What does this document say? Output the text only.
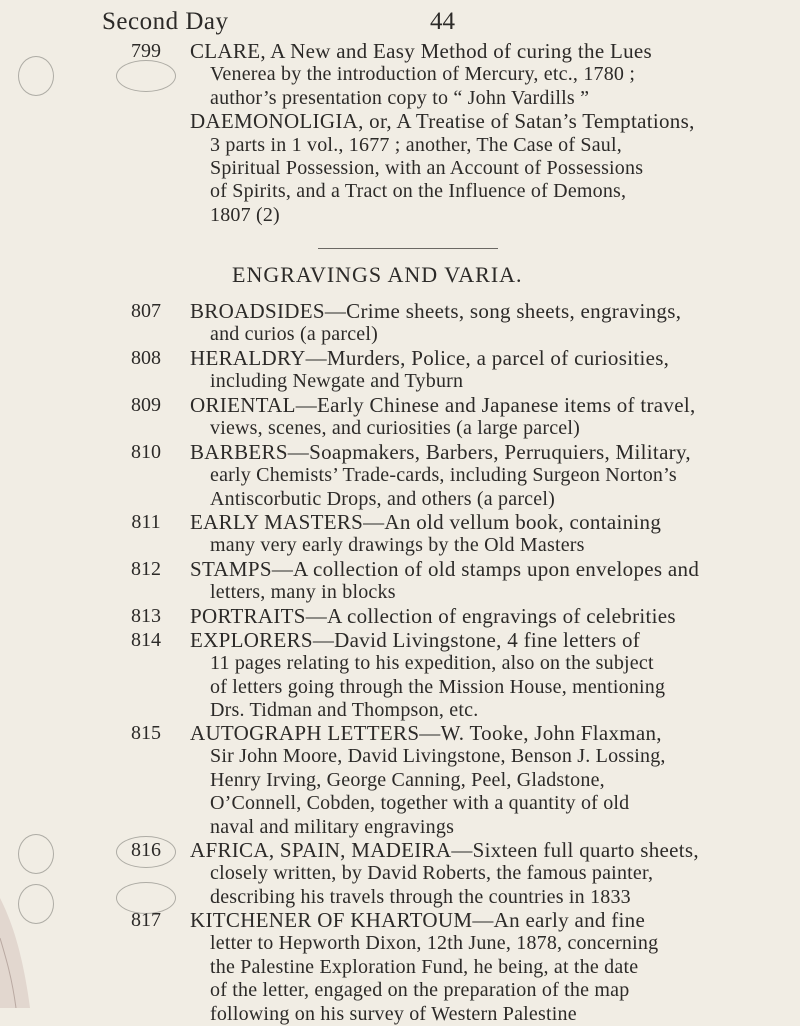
Second Day	44
799	CLARE, A New and Easy Method of curing the Lues
Venerea by the introduction of Mercury, etc., 1780 ;
author’s presentation copy to “ John Vardills ”
DAEMONOLIGIA, or, A Treatise of Satan’s Temptations,
3 parts in 1 vol., 1677 ; another, The Case of Saul,
Spiritual Possession, with an Account of Possessions
of Spirits, and a Tract on the Influence of Demons,
1807 (2)
ENGRAVINGS AND VARIA.
807	BROADSIDES—Crime sheets, song sheets, engravings,
and curios (a parcel)
808	HERALDRY—Murders, Police, a parcel of curiosities,
including Newgate and Tyburn
809	ORIENTAL—Early Chinese and Japanese items of travel,
views, scenes, and curiosities (a large parcel)
810	BARBERS—Soapmakers, Barbers, Perruquiers, Military,
early Chemists’ Trade-cards, including Surgeon Norton’s
Antiscorbutic Drops, and others (a parcel)
811	EARLY MASTERS—An old vellum book, containing
many very early drawings by the Old Masters
812	STAMPS—A collection of old stamps upon envelopes and
letters, many in blocks
813	PORTRAITS—A collection of engravings of celebrities
814	EXPLORERS—David Livingstone, 4 fine letters of
11 pages relating to his expedition, also on the subject
of letters going through the Mission House, mentioning
Drs. Tidman and Thompson, etc.
815	AUTOGRAPH LETTERS—W. Tooke, John Flaxman,
Sir John Moore, David Livingstone, Benson J. Lossing,
Henry Irving, George Canning, Peel, Gladstone,
O’Connell, Cobden, together with a quantity of old
naval and military engravings
816	AFRICA, SPAIN, MADEIRA—Sixteen full quarto sheets,
closely written, by David Roberts, the famous painter,
describing his travels through the countries in 1833
817	KITCHENER OF KHARTOUM—An early and fine
letter to Hepworth Dixon, 12th June, 1878, concerning
the Palestine Exploration Fund, he being, at the date
of the letter, engaged on the preparation of the map
following on his survey of Western Palestine
